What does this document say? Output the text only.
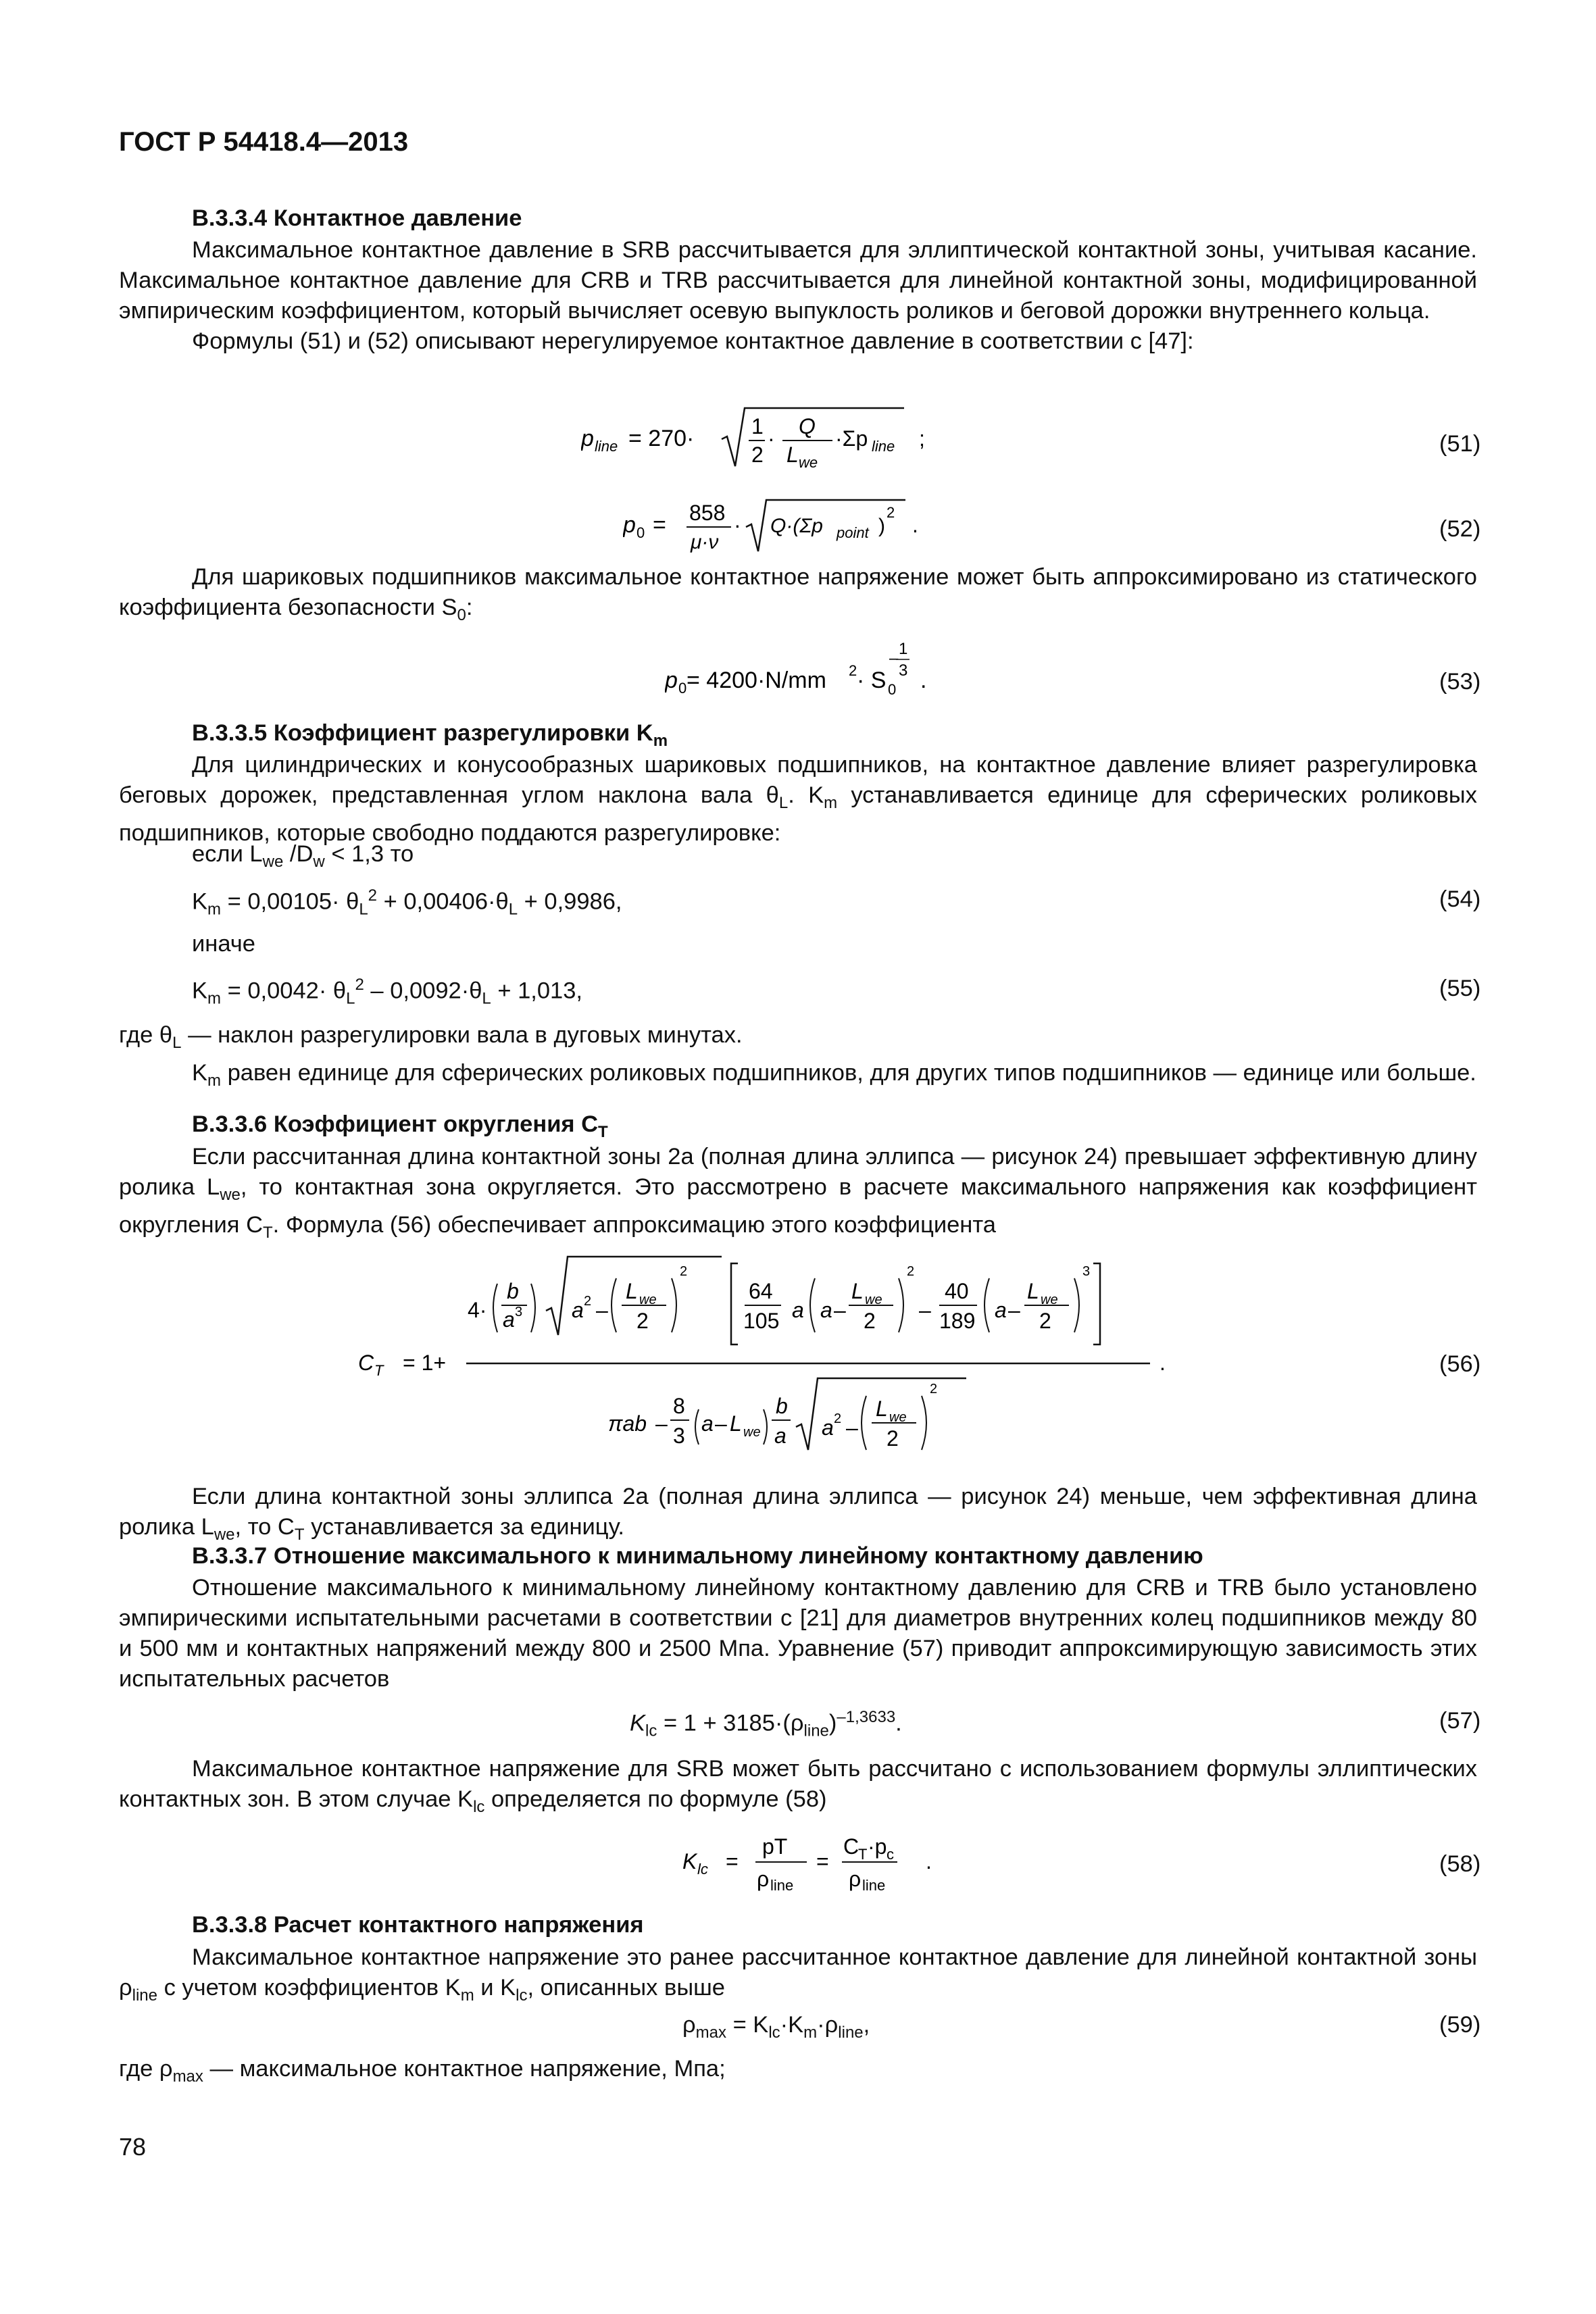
ГОСТ Р 54418.4—2013
В.3.3.4 Контактное давление

Максимальное контактное давление в SRB рассчитывается для эллиптической контактной зоны, учитывая касание. Максимальное контактное давление для CRB и TRB рассчитывается для линейной контактной зоны, модифицированной эмпирическим коэффициентом, который вычисляет осевую выпуклость роликов и беговой дорожки внутреннего кольца.

Формулы (51) и (52) описывают нерегулируемое контактное давление в соответствии с [47]:

p line = 270·	1
2
· Q
L we
·Σp line ;	(51)
p 0 = 858
μ·ν
· Q·(Σp point )
2
.	(52)

Для шариковых подшипников максимальное контактное напряжение может быть аппроксимировано из статического коэффициента безопасности $S_0$:

p 0 = 4200·N/mm 2 · S 0
–
1
3 .	(53)
В.3.3.5 Коэффициент разрегулировки $K_m$

Для цилиндрических и конусообразных шариковых подшипников, на контактное давление влияет разрегулировка беговых дорожек, представленная углом наклона вала $\theta_L$. $K_m$ устанавливается единице для сферических роликовых подшипников, которые свободно поддаются разрегулировке:

если $L_{we}$ $/D_w < 1,3$ то
$K_m = 0,00105\cdot \theta_L^2 + 0,00406\cdot\theta_L + 0,9986$,	(54)
иначе
$K_m = 0,0042\cdot \theta_L^2 - 0,0092\cdot\theta_L + 1,013$,	(55)

где $\theta_L$ — наклон разрегулировки вала в дуговых минутах.

$K_m$ равен единице для сферических роликовых подшипников, для других типов подшипников — единице или больше.

В.3.3.6 Коэффициент округления $C_T$

Если рассчитанная длина контактной зоны 2a (полная длина эллипса — рисунок 24) превышает эффективную длину ролика $L_{we}$, то контактная зона округляется. Это рассмотрено в расчете максимального напряжения как коэффициент округления $C_T$. Формула (56) обеспечивает аппроксимацию этого коэффициента

C T = 1+
4·
b
a 3 a 2 –
L we
2
2
64
105 a a –
L we
2
2
–
40
189 a –
L we
2
3
πab –
8
3 a – L we
b
a a 2 –
L we
2
2
.	(56)

Если длина контактной зоны эллипса 2a (полная длина эллипса — рисунок 24) меньше, чем эффективная длина ролика $L_{we}$, то $C_T$ устанавливается за единицу.

В.3.3.7 Отношение максимального к минимальному линейному контактному давлению

Отношение максимального к минимальному линейному контактному давлению для CRB и TRB было установлено эмпирическими испытательными расчетами в соответствии с [21] для диаметров внутренних колец подшипников между 80 и 500 мм и контактных напряжений между 800 и 2500 Мпа. Уравнение (57) приводит аппроксимирующую зависимость этих испытательных расчетов

$K_{lc} = 1 + 3185\cdot(\rho_{line})^{-1,3633}$.	(57)

Максимальное контактное напряжение для SRB может быть рассчитано с использованием формулы эллиптических контактных зон. В этом случае $K_{lc}$ определяется по формуле (58)

K lc =
pT
ρ line
=
C
T ·p c
ρ line
.	(58)
В.3.3.8 Расчет контактного напряжения

Максимальное контактное напряжение это ранее рассчитанное контактное давление для линейной контактной зоны $\rho_{line}$ с учетом коэффициентов $K_m$ и $K_{lc}$, описанных выше

$\rho_{max} = K_{lc}\cdot K_m\cdot\rho_{line}$,	(59)

где $\rho_{max}$ — максимальное контактное напряжение, Мпа;

78
